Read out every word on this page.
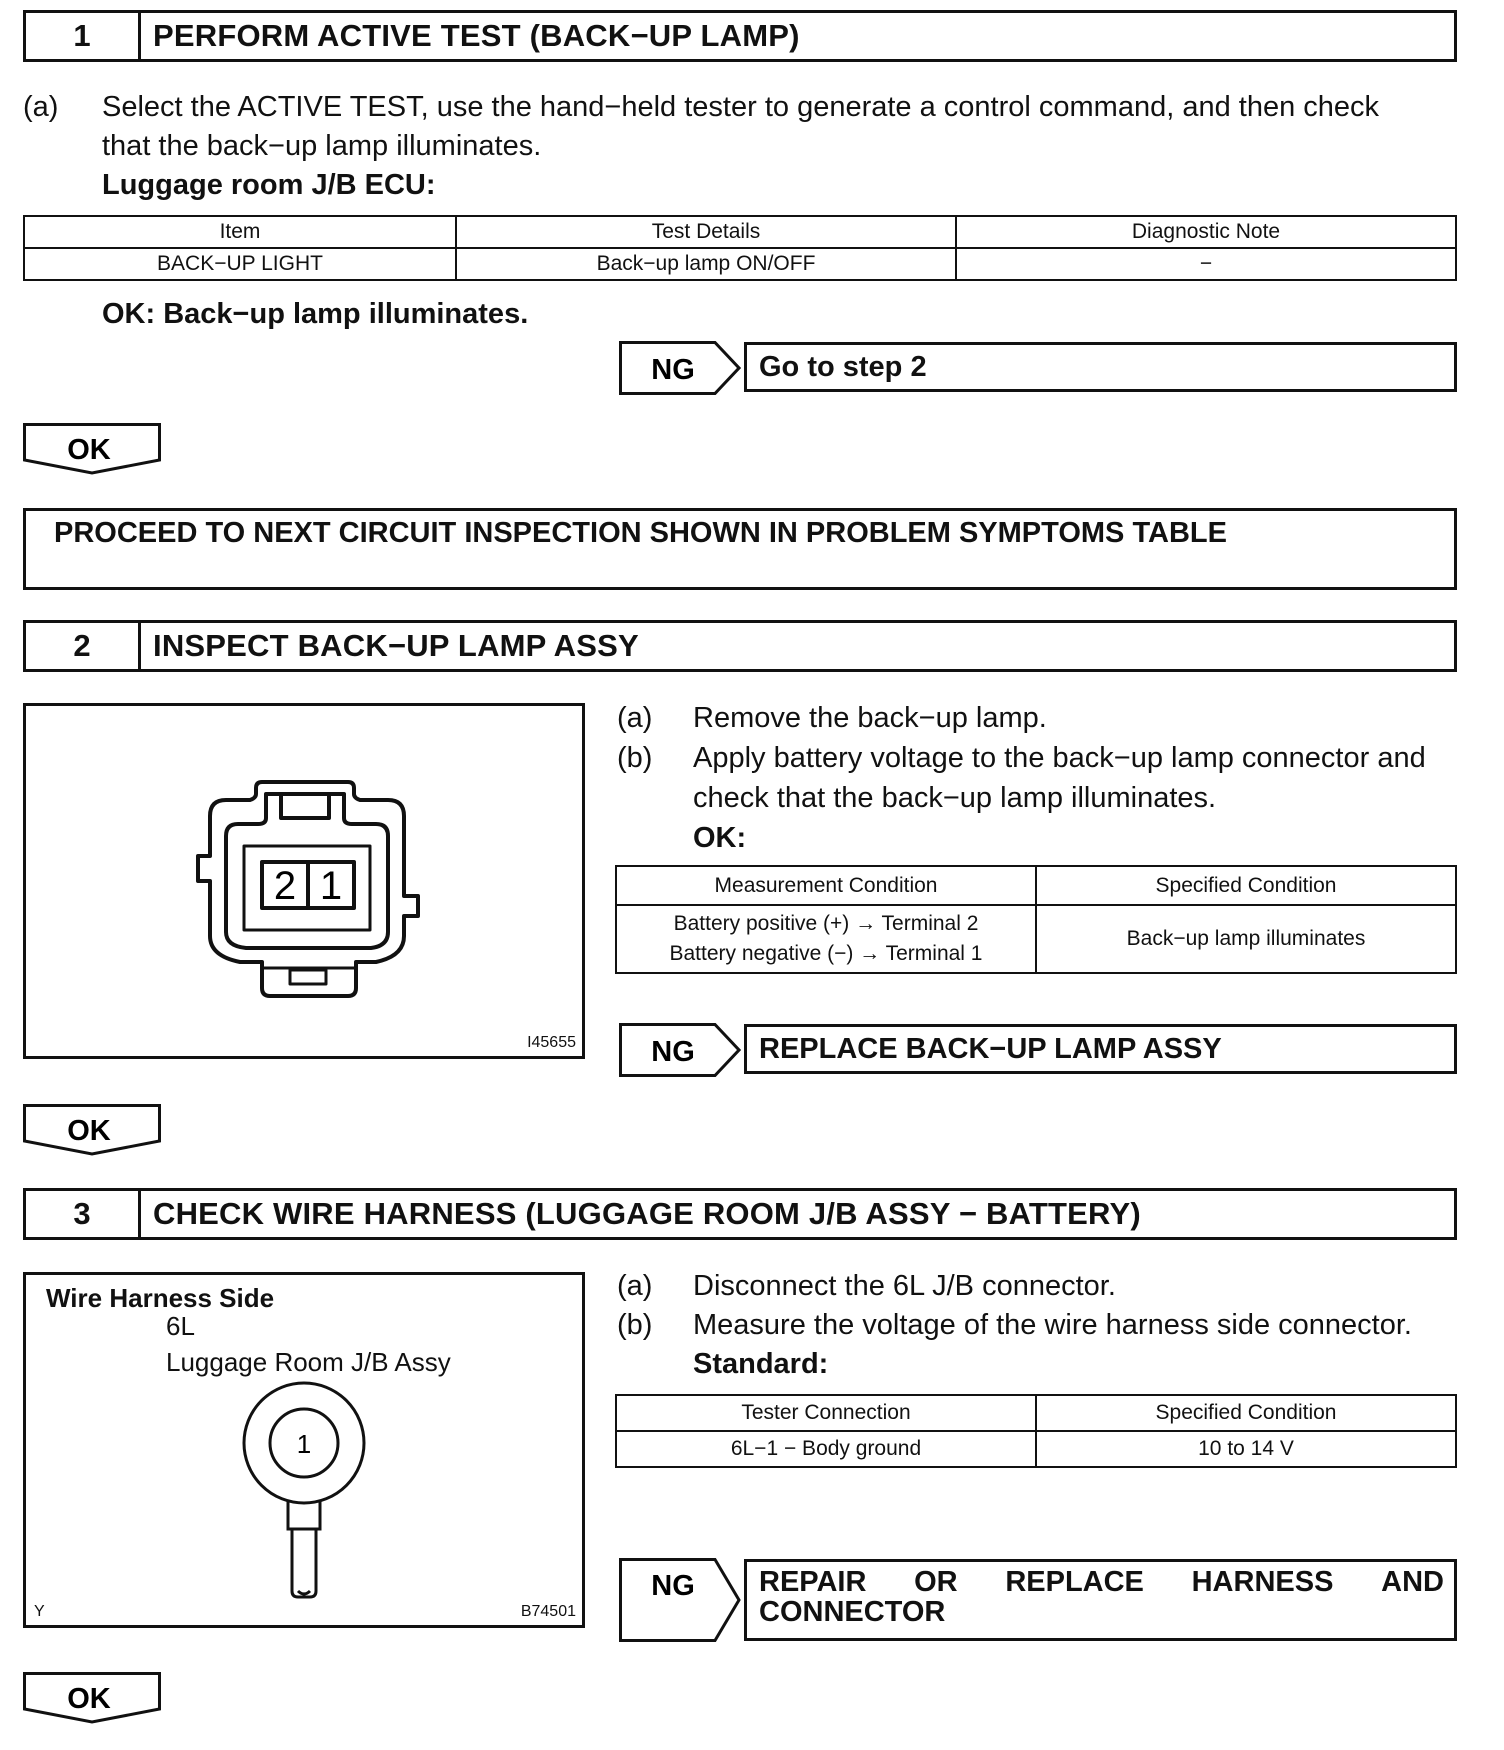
1	PERFORM ACTIVE TEST (BACK−UP LAMP)
(a) Select the ACTIVE TEST, use the hand−held tester to generate a control command, and then check
that the back−up lamp illuminates.
Luggage room J/B ECU:
Item	Test Details	Diagnostic Note
BACK−UP LIGHT	Back−up lamp ON/OFF	−
OK: Back−up lamp illuminates.
NG	Go to step 2
OK
PROCEED TO NEXT CIRCUIT INSPECTION SHOWN IN PROBLEM SYMPTOMS TABLE
2	INSPECT BACK−UP LAMP ASSY
2 1
I45655
(a) Remove the back−up lamp.
(b) Apply battery voltage to the back−up lamp connector and
check that the back−up lamp illuminates.
OK:
Measurement Condition	Specified Condition

Battery positive (+) → Terminal 2
Battery negative (−) → Terminal 1	Back−up lamp illuminates
NG	REPLACE BACK−UP LAMP ASSY
OK
3	CHECK WIRE HARNESS (LUGGAGE ROOM J/B ASSY − BATTERY)
Wire Harness Side
6L
Luggage Room J/B Assy
1
Y	B74501
(a) Disconnect the 6L J/B connector.
(b) Measure the voltage of the wire harness side connector.
Standard:
Tester Connection	Specified Condition
6L−1 − Body ground	10 to 14 V
NG REPAIR OR REPLACE HARNESS AND
CONNECTOR
OK
